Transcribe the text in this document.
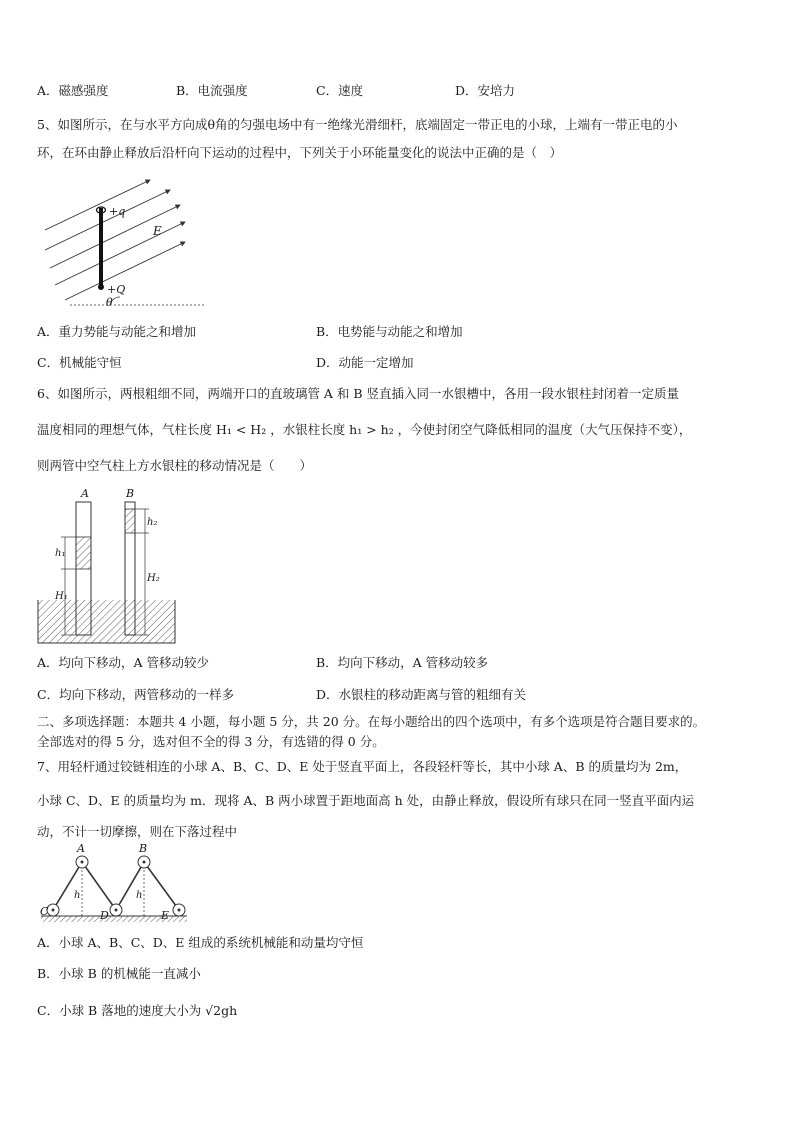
A．磁感强度	B．电流强度	C．速度	D．安培力
5、如图所示，在与水平方向成θ角的匀强电场中有一绝缘光滑细杆，底端固定一带正电的小球，上端有一带正电的小
环，在环由静止释放后沿杆向下运动的过程中，下列关于小环能量变化的说法中正确的是（　）
+q
+Q
E
θ
A．重力势能与动能之和增加	B．电势能与动能之和增加
C．机械能守恒	D．动能一定增加
6、如图所示，两根粗细不同，两端开口的直玻璃管 A 和 B 竖直插入同一水银槽中，各用一段水银柱封闭着一定质量
温度相同的理想气体，气柱长度 H₁ < H₂ ，水银柱长度 h₁ > h₂ ，今使封闭空气降低相同的温度（大气压保持不变），
则两管中空气柱上方水银柱的移动情况是（　　）
A	B
h₁
H₁
h₂
H₂
A．均向下移动，A 管移动较少	B．均向下移动，A 管移动较多
C．均向下移动，两管移动的一样多	D．水银柱的移动距离与管的粗细有关
二、多项选择题：本题共 4 小题，每小题 5 分，共 20 分。在每小题给出的四个选项中，有多个选项是符合题目要求的。
全部选对的得 5 分，选对但不全的得 3 分，有选错的得 0 分。
7、用轻杆通过铰链相连的小球 A、B、C、D、E 处于竖直平面上，各段轻杆等长，其中小球 A、B 的质量均为 2m，
小球 C、D、E 的质量均为 m．现将 A、B 两小球置于距地面高 h 处，由静止释放，假设所有球只在同一竖直平面内运
动，不计一切摩擦，则在下落过程中
A	B
C	D	E
h	h
A．小球 A、B、C、D、E 组成的系统机械能和动量均守恒
B．小球 B 的机械能一直减小
C．小球 B 落地的速度大小为 √2gh
